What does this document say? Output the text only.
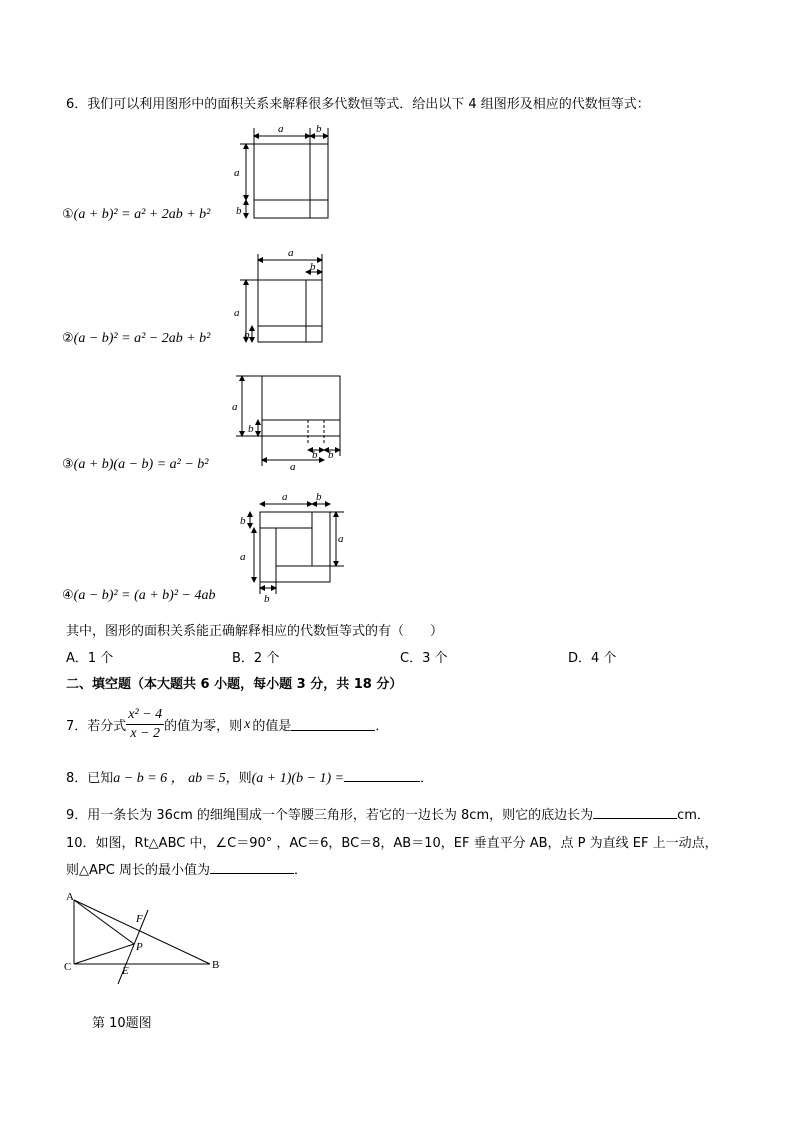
6．我们可以利用图形中的面积关系来解释很多代数恒等式．给出以下 4 组图形及相应的代数恒等式：
a	b
a
b
①(a + b)² = a² + 2ab + b²
a
b
a
b
②(a − b)² = a² − 2ab + b²
a
b
b b
a
③(a + b)(a − b) = a² − b²
a	b
b
a
a
b
④(a − b)² = (a + b)² − 4ab
其中，图形的面积关系能正确解释相应的代数恒等式的有（　　）
A．1 个	B．2 个	C．3 个	D．4 个
二、填空题（本大题共 6 小题，每小题 3 分，共 18 分）
7．若分式 $\frac{\text{x² − 4}}{x - 2}$ 的值为零，则 x 的值是	．
8．已知 a − b = 6 ， ab = 5 ，则 (a + 1)(b − 1) =	．
9．用一条长为 36cm 的细绳围成一个等腰三角形，若它的一边长为 8cm，则它的底边长为	cm．
10．如图，Rt△ABC 中，∠C＝90° ，AC＝6，BC＝8，AB＝10，EF 垂直平分 AB，点 P 为直线 EF 上一动点，
则△APC 周长的最小值为	．
A
B
C	E
F
P
第 10题图
